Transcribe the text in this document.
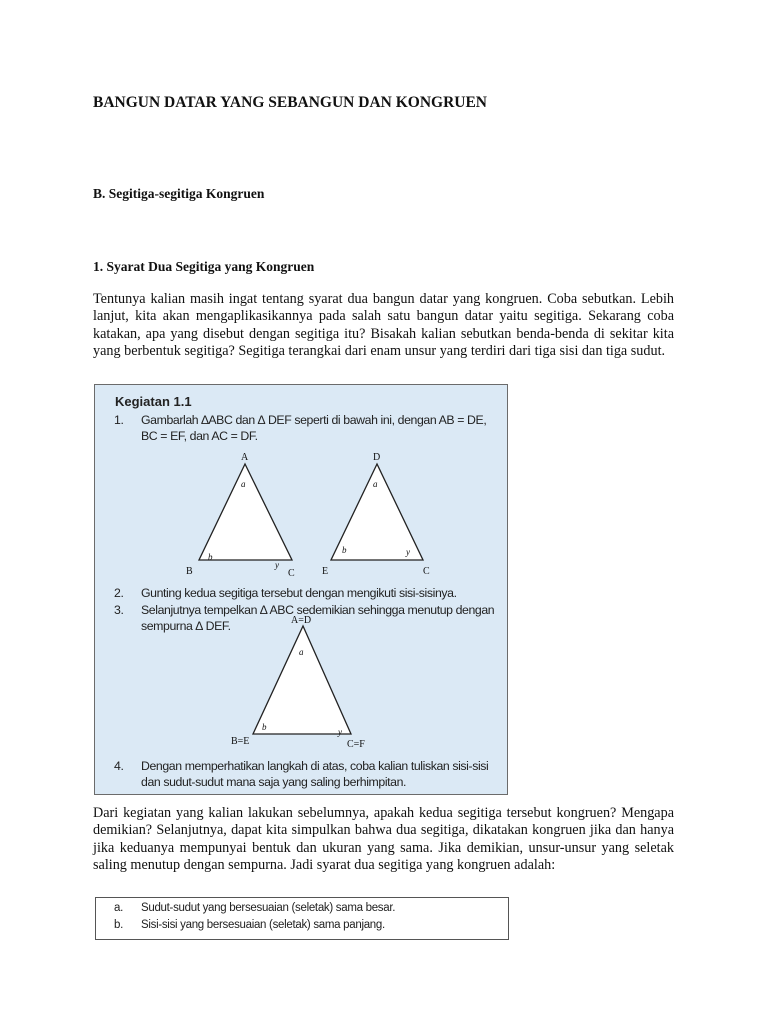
BANGUN DATAR YANG SEBANGUN DAN KONGRUEN
B. Segitiga-segitiga Kongruen
1. Syarat Dua Segitiga yang Kongruen
Tentunya kalian masih ingat tentang syarat dua bangun datar yang kongruen. Coba sebutkan. Lebih lanjut, kita akan mengaplikasikannya pada salah satu bangun datar yaitu segitiga. Sekarang coba katakan, apa yang disebut dengan segitiga itu? Bisakah kalian sebutkan benda-benda di sekitar kita yang berbentuk segitiga? Segitiga terangkai dari enam unsur yang terdiri dari tiga sisi dan tiga sudut.
Kegiatan 1.1
1. Gambarlah ∆ABC dan ∆ DEF seperti di bawah ini, dengan AB = DE, BC = EF, dan AC = DF.
A
B	C
a
b
y
D
E	C
a
b	y
2. Gunting kedua segitiga tersebut dengan mengikuti sisi-sisinya.
3. Selanjutnya tempelkan ∆ ABC sedemikian sehingga menutup dengan sempurna ∆ DEF.	A=D
B=E	C=F
a
b	y
4. Dengan memperhatikan langkah di atas, coba kalian tuliskan sisi-sisi dan sudut-sudut mana saja yang saling berhimpitan.
Dari kegiatan yang kalian lakukan sebelumnya, apakah kedua segitiga tersebut kongruen? Mengapa demikian? Selanjutnya, dapat kita simpulkan bahwa dua segitiga, dikatakan kongruen jika dan hanya jika keduanya mempunyai bentuk dan ukuran yang sama. Jika demikian, unsur-unsur yang seletak saling menutup dengan sempurna. Jadi syarat dua segitiga yang kongruen adalah:
a. Sudut-sudut yang bersesuaian (seletak) sama besar.
b. Sisi-sisi yang bersesuaian (seletak) sama panjang.
